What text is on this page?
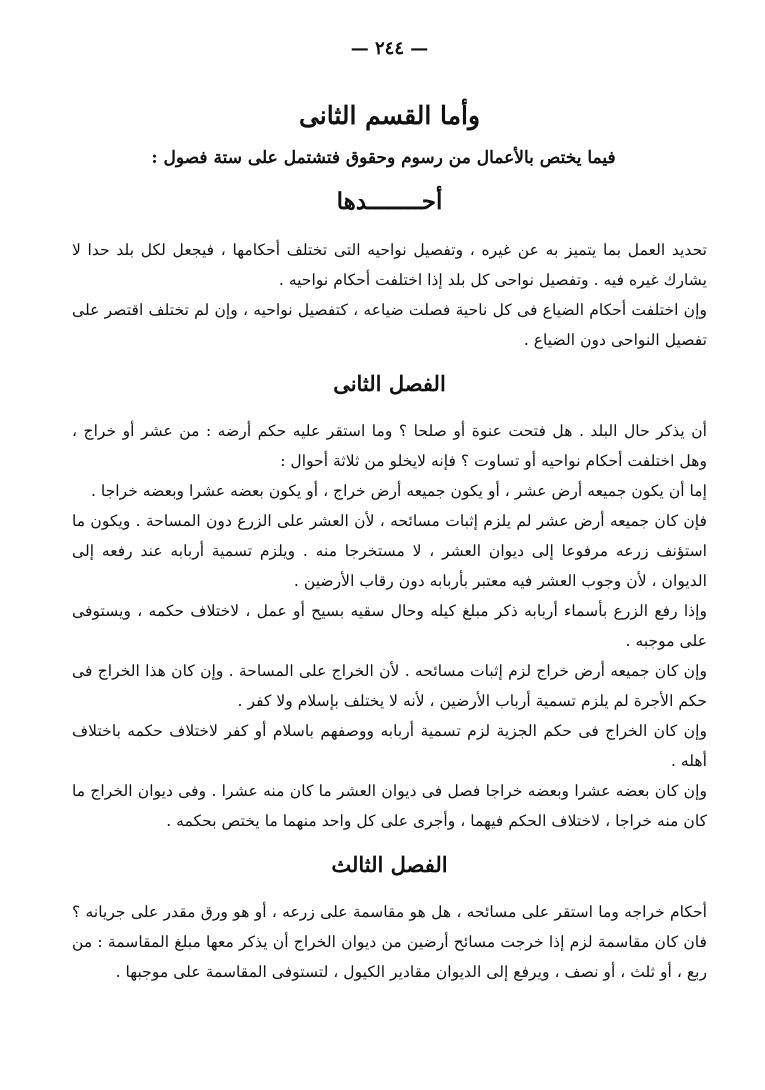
— ٢٤٤ —
وأما القسم الثانى
فيما يختص بالأعمال من رسوم وحقوق فتشتمل على ستة فصول :
أحــــــــدها

تحديد العمل بما يتميز به عن غيره ، وتفصيل نواحيه التى تختلف أحكامها ، فيجعل لكل بلد حدا لا يشارك غيره فيه . وتفصيل نواحى كل بلد إذا اختلفت أحكام نواحيه .

وإن اختلفت أحكام الضياع فى كل ناحية فصلت ضياعه ، كتفصيل نواحيه ، وإن لم تختلف اقتصر على تفصيل النواحى دون الضياع .

الفصل الثانى

أن يذكر حال البلد . هل فتحت عنوة أو صلحا ؟ وما استقر عليه حكم أرضه : من عشر أو خراج ، وهل اختلفت أحكام نواحيه أو تساوت ؟ فإنه لايخلو من ثلاثة أحوال :

إما أن يكون جميعه أرض عشر ، أو يكون جميعه أرض خراج ، أو يكون بعضه عشرا وبعضه خراجا .

فإن كان جميعه أرض عشر لم يلزم إثبات مسائحه ، لأن العشر على الزرع دون المساحة . ويكون ما استؤنف زرعه مرفوعا إلى ديوان العشر ، لا مستخرجا منه . ويلزم تسمية أربابه عند رفعه إلى الديوان ، لأن وجوب العشر فيه معتبر بأربابه دون رقاب الأرضين .

وإذا رفع الزرع بأسماء أربابه ذكر مبلغ كيله وحال سقيه بسيح أو عمل ، لاختلاف حكمه ، ويستوفى على موجبه .

وإن كان جميعه أرض خراج لزم إثبات مسائحه . لأن الخراج على المساحة . وإن كان هذا الخراج فى حكم الأجرة لم يلزم تسمية أرباب الأرضين ، لأنه لا يختلف بإسلام ولا كفر .

وإن كان الخراج فى حكم الجزية لزم تسمية أربابه ووصفهم باسلام أو كفر لاختلاف حكمه باختلاف أهله .

وإن كان بعضه عشرا وبعضه خراجا فصل فى ديوان العشر ما كان منه عشرا . وفى ديوان الخراج ما كان منه خراجا ، لاختلاف الحكم فيهما ، وأجرى على كل واحد منهما ما يختص بحكمه .

الفصل الثالث

أحكام خراجه وما استقر على مسائحه ، هل هو مقاسمة على زرعه ، أو هو ورق مقدر على جريانه ؟ فان كان مقاسمة لزم إذا خرجت مسائح أرضين من ديوان الخراج أن يذكر معها مبلغ المقاسمة : من ربع ، أو ثلث ، أو نصف ، ويرفع إلى الديوان مقادير الكيول ، لتستوفى المقاسمة على موجبها .
